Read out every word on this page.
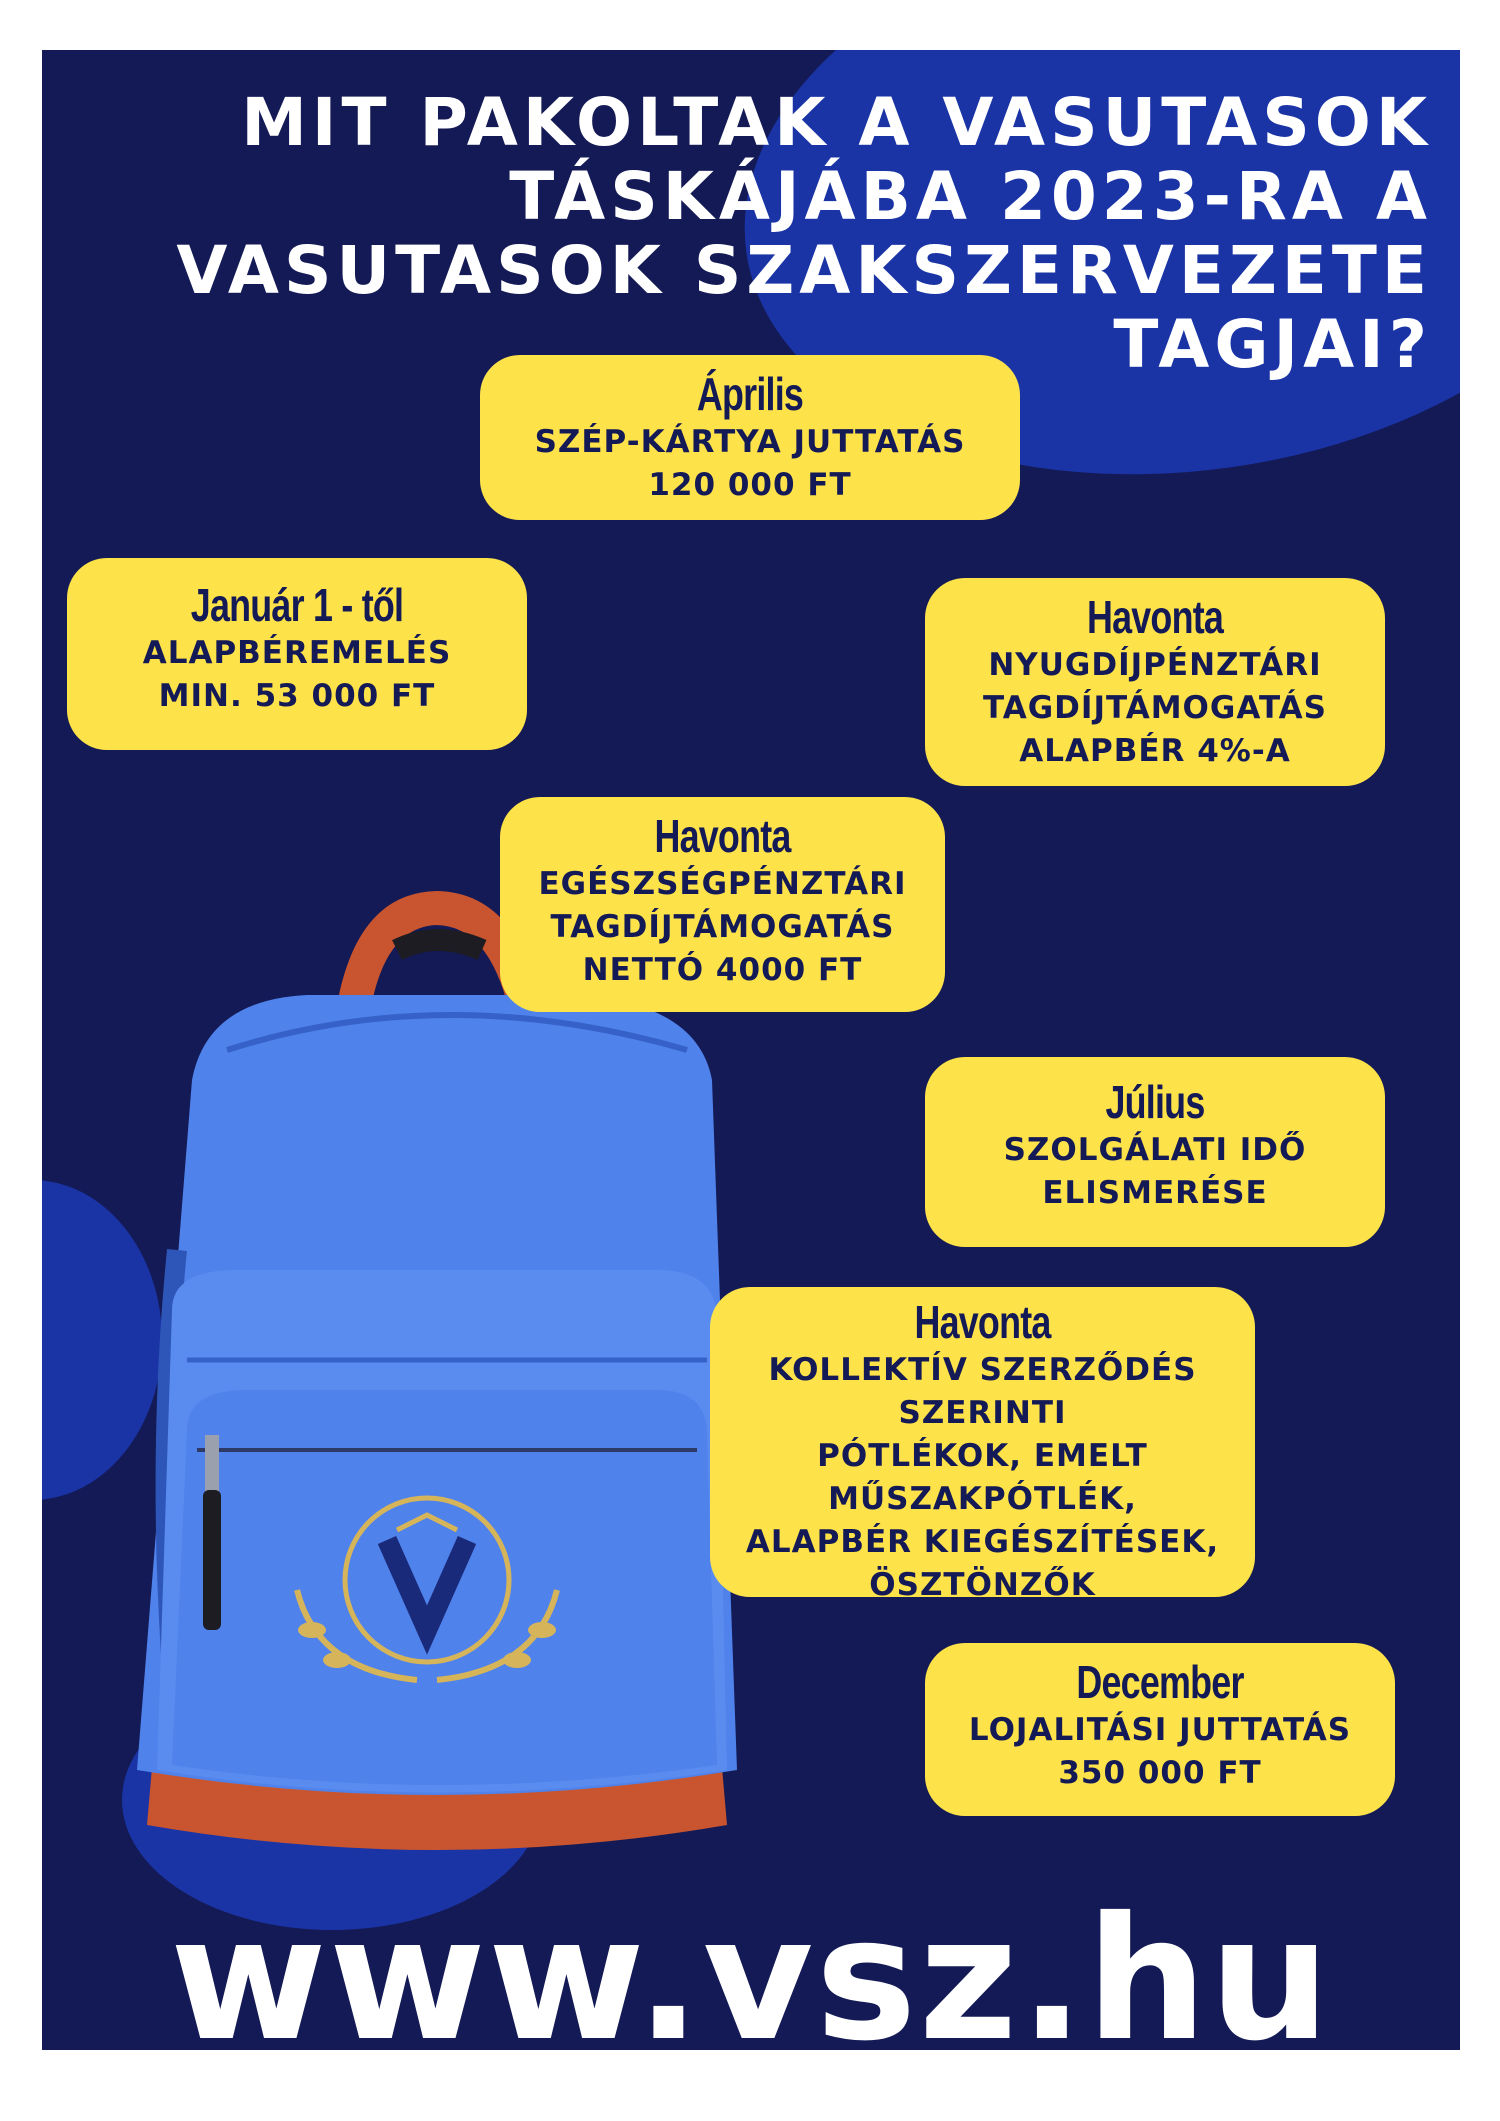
MIT PAKOLTAK A VASUTASOK
TÁSKÁJÁBA 2023-RA A
VASUTASOK SZAKSZERVEZETE
TAGJAI?
Április
SZÉP-KÁRTYA JUTTATÁS
120 000 FT
Január 1 - től
ALAPBÉREMELÉS
MIN. 53 000 FT
Havonta
NYUGDÍJPÉNZTÁRI
TAGDÍJTÁMOGATÁS
ALAPBÉR 4%-A
Havonta
EGÉSZSÉGPÉNZTÁRI
TAGDÍJTÁMOGATÁS
NETTÓ 4000 FT
Július
SZOLGÁLATI IDŐ
ELISMERÉSE
Havonta
KOLLEKTÍV SZERZŐDÉS
SZERINTI
PÓTLÉKOK, EMELT
MŰSZAKPÓTLÉK,
ALAPBÉR KIEGÉSZÍTÉSEK,
ÖSZTÖNZŐK
December
LOJALITÁSI JUTTATÁS
350 000 FT
www.vsz.hu
